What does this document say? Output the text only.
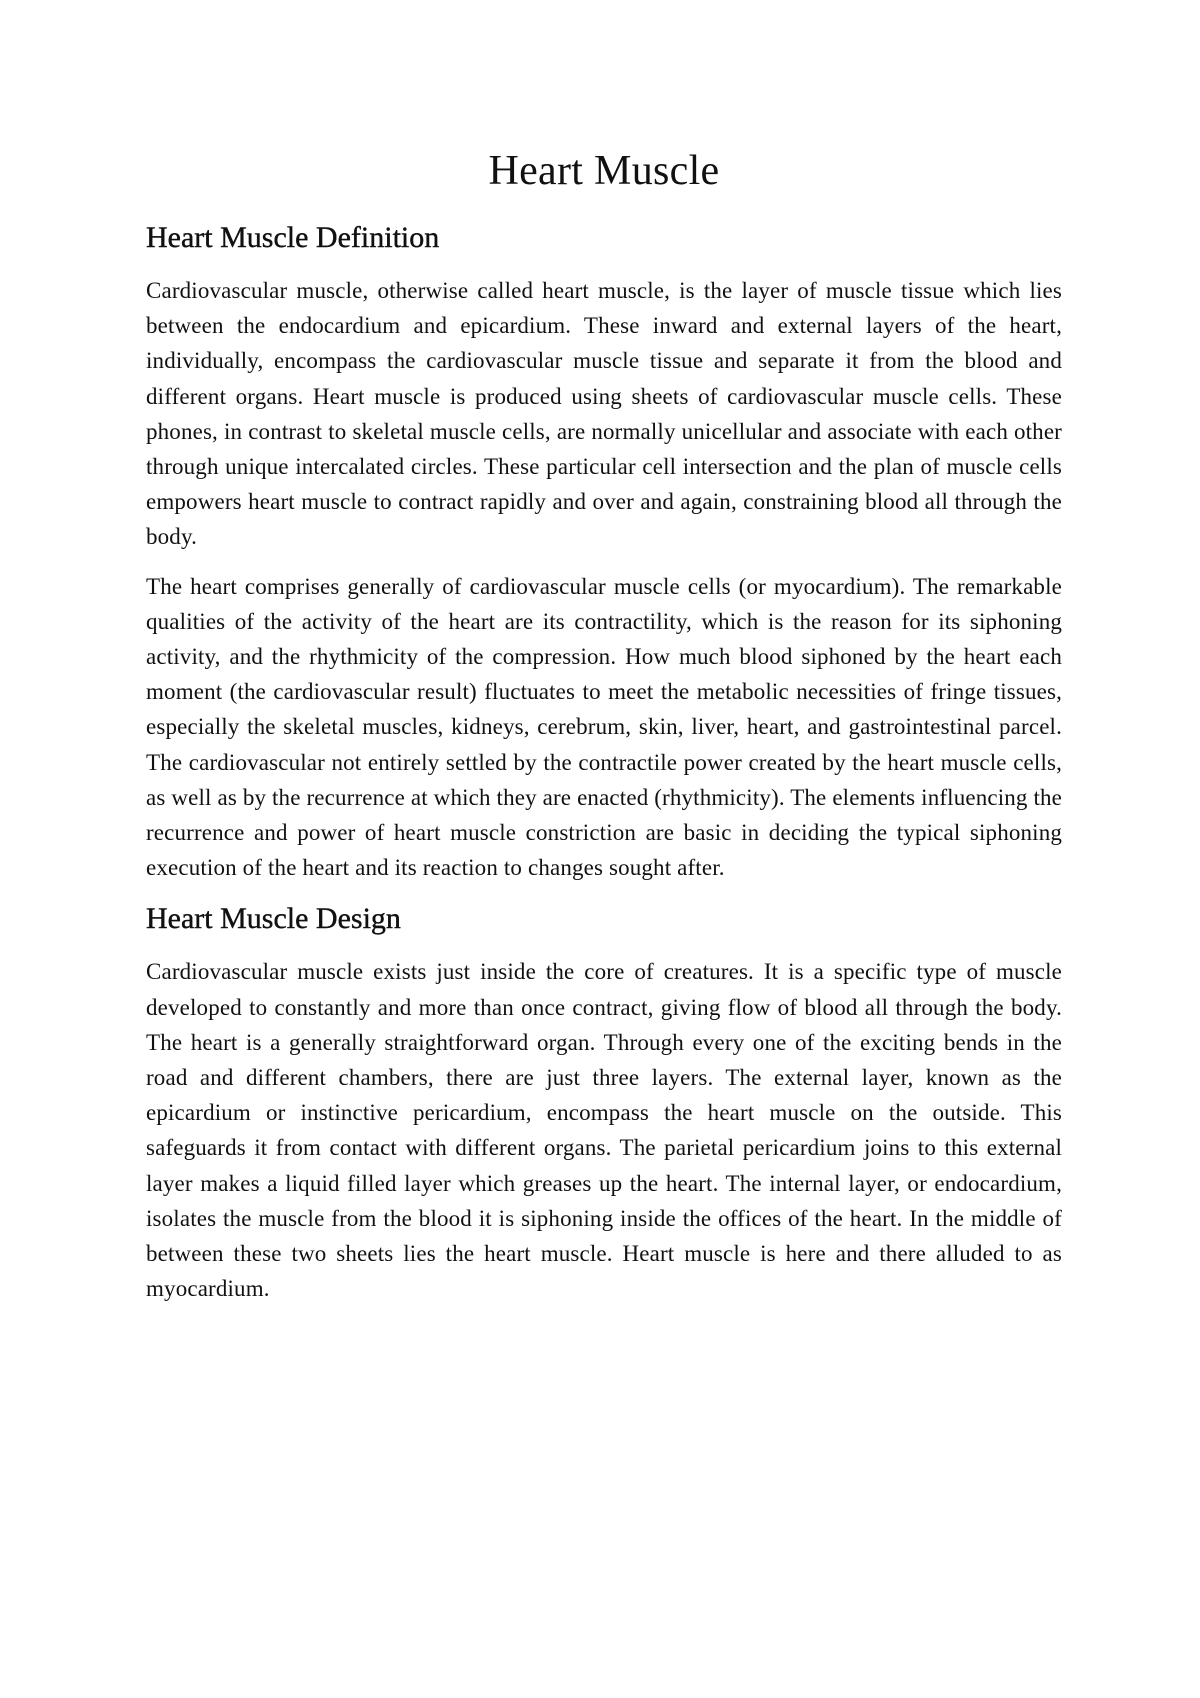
Heart Muscle
Heart Muscle Definition

Cardiovascular muscle, otherwise called heart muscle, is the layer of muscle tissue which lies between the endocardium and epicardium. These inward and external layers of the heart, individually, encompass the cardiovascular muscle tissue and separate it from the blood and different organs. Heart muscle is produced using sheets of cardiovascular muscle cells. These phones, in contrast to skeletal muscle cells, are normally unicellular and associate with each other through unique intercalated circles. These particular cell intersection and the plan of muscle cells empowers heart muscle to contract rapidly and over and again, constraining blood all through the body.

The heart comprises generally of cardiovascular muscle cells (or myocardium). The remarkable qualities of the activity of the heart are its contractility, which is the reason for its siphoning activity, and the rhythmicity of the compression. How much blood siphoned by the heart each moment (the cardiovascular result) fluctuates to meet the metabolic necessities of fringe tissues, especially the skeletal muscles, kidneys, cerebrum, skin, liver, heart, and gastrointestinal parcel. The cardiovascular not entirely settled by the contractile power created by the heart muscle cells, as well as by the recurrence at which they are enacted (rhythmicity). The elements influencing the recurrence and power of heart muscle constriction are basic in deciding the typical siphoning execution of the heart and its reaction to changes sought after.

Heart Muscle Design

Cardiovascular muscle exists just inside the core of creatures. It is a specific type of muscle developed to constantly and more than once contract, giving flow of blood all through the body. The heart is a generally straightforward organ. Through every one of the exciting bends in the road and different chambers, there are just three layers. The external layer, known as the epicardium or instinctive pericardium, encompass the heart muscle on the outside. This safeguards it from contact with different organs. The parietal pericardium joins to this external layer makes a liquid filled layer which greases up the heart. The internal layer, or endocardium, isolates the muscle from the blood it is siphoning inside the offices of the heart. In the middle of between these two sheets lies the heart muscle. Heart muscle is here and there alluded to as myocardium.
